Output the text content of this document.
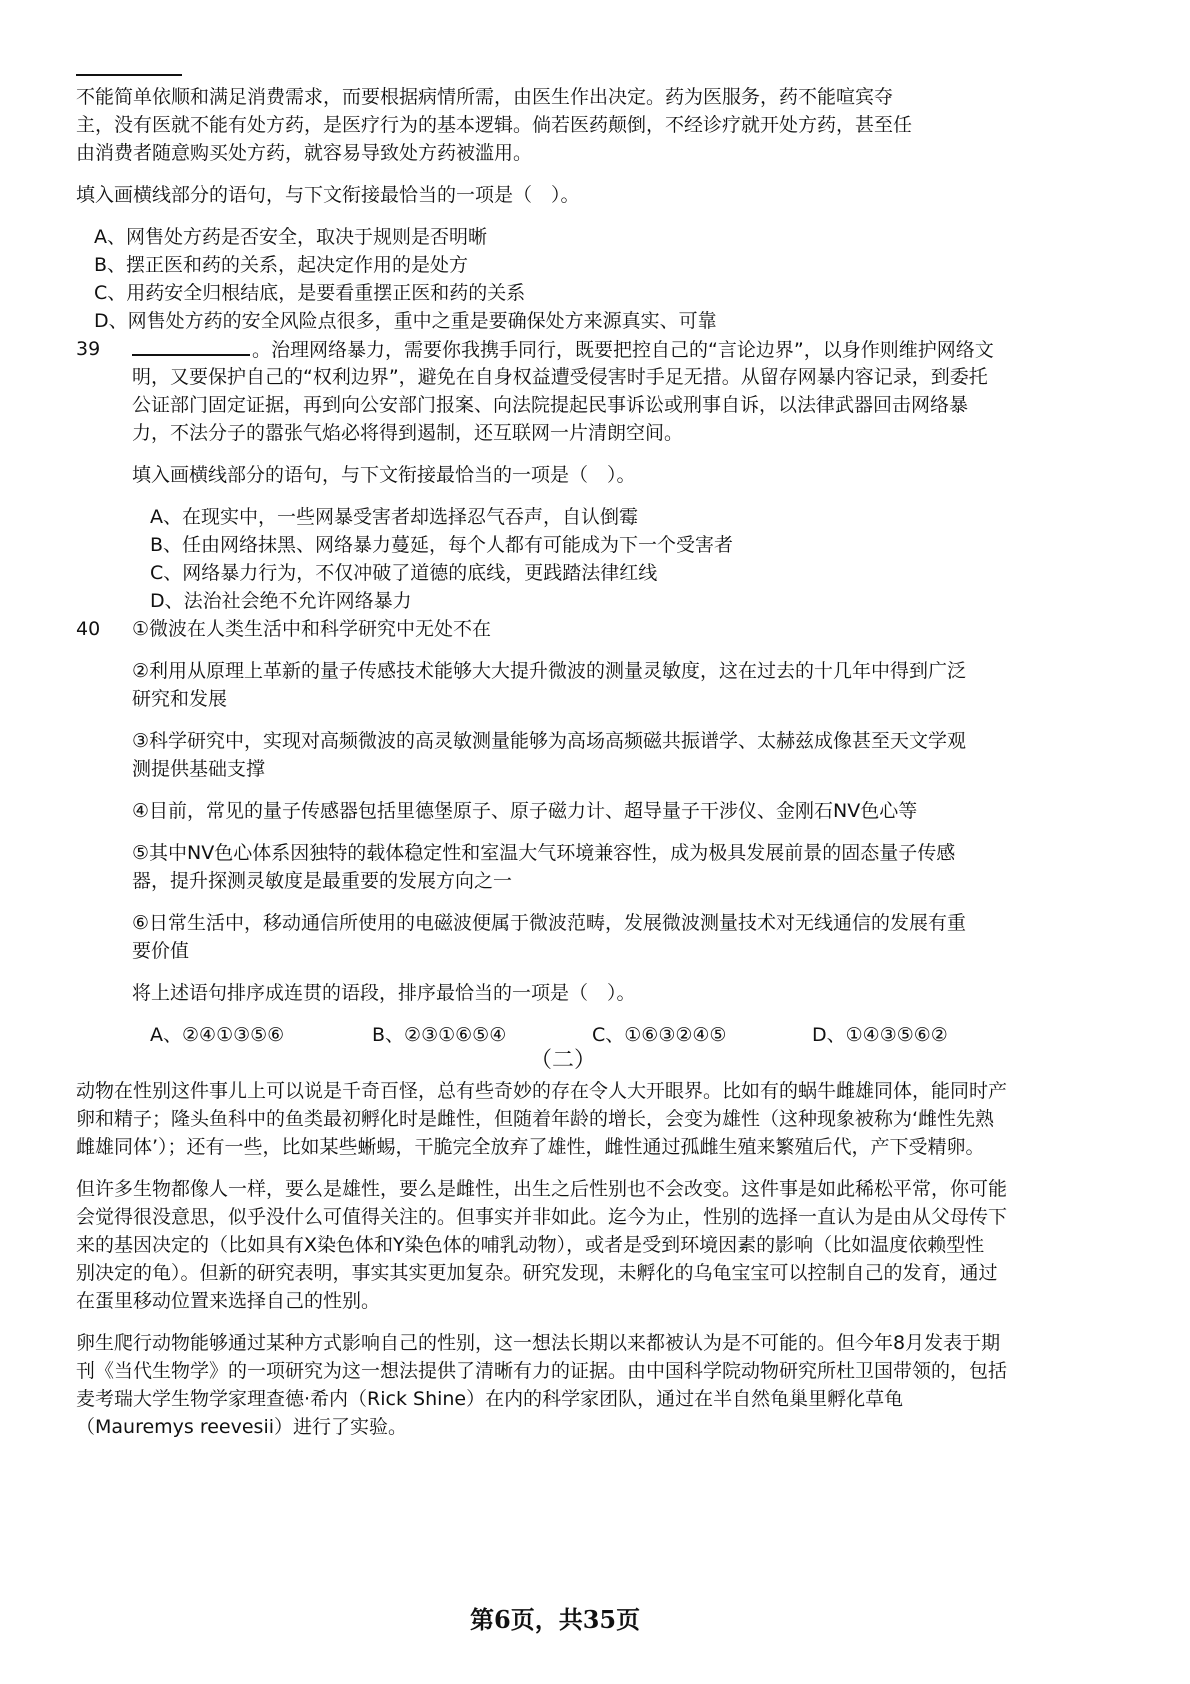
不能简单依顺和满足消费需求，而要根据病情所需，由医生作出决定。药为医服务，药不能喧宾夺
主，没有医就不能有处方药，是医疗行为的基本逻辑。倘若医药颠倒，不经诊疗就开处方药，甚至任
由消费者随意购买处方药，就容易导致处方药被滥用。
填入画横线部分的语句，与下文衔接最恰当的一项是（　）。
A、网售处方药是否安全，取决于规则是否明晰
B、摆正医和药的关系，起决定作用的是处方
C、用药安全归根结底，是要看重摆正医和药的关系
D、网售处方药的安全风险点很多，重中之重是要确保处方来源真实、可靠
39	。治理网络暴力，需要你我携手同行，既要把控自己的“言论边界”，以身作则维护网络文
明，又要保护自己的“权利边界”，避免在自身权益遭受侵害时手足无措。从留存网暴内容记录，到委托
公证部门固定证据，再到向公安部门报案、向法院提起民事诉讼或刑事自诉，以法律武器回击网络暴
力，不法分子的嚣张气焰必将得到遏制，还互联网一片清朗空间。
填入画横线部分的语句，与下文衔接最恰当的一项是（　）。
A、在现实中，一些网暴受害者却选择忍气吞声，自认倒霉
B、任由网络抹黑、网络暴力蔓延，每个人都有可能成为下一个受害者
C、网络暴力行为，不仅冲破了道德的底线，更践踏法律红线
D、法治社会绝不允许网络暴力
40 ①微波在人类生活中和科学研究中无处不在
②利用从原理上革新的量子传感技术能够大大提升微波的测量灵敏度，这在过去的十几年中得到广泛
研究和发展
③科学研究中，实现对高频微波的高灵敏测量能够为高场高频磁共振谱学、太赫兹成像甚至天文学观
测提供基础支撑
④目前，常见的量子传感器包括里德堡原子、原子磁力计、超导量子干涉仪、金刚石NV色心等
⑤其中NV色心体系因独特的载体稳定性和室温大气环境兼容性，成为极具发展前景的固态量子传感
器，提升探测灵敏度是最重要的发展方向之一
⑥日常生活中，移动通信所使用的电磁波便属于微波范畴，发展微波测量技术对无线通信的发展有重
要价值
将上述语句排序成连贯的语段，排序最恰当的一项是（　）。
A、②④①③⑤⑥	B、②③①⑥⑤④	C、①⑥③②④⑤	D、①④③⑤⑥②
（二）
动物在性别这件事儿上可以说是千奇百怪，总有些奇妙的存在令人大开眼界。比如有的蜗牛雌雄同体，能同时产
卵和精子；隆头鱼科中的鱼类最初孵化时是雌性，但随着年龄的增长，会变为雄性（这种现象被称为‘雌性先熟
雌雄同体’）；还有一些，比如某些蜥蜴，干脆完全放弃了雄性，雌性通过孤雌生殖来繁殖后代，产下受精卵。
但许多生物都像人一样，要么是雄性，要么是雌性，出生之后性别也不会改变。这件事是如此稀松平常，你可能
会觉得很没意思，似乎没什么可值得关注的。但事实并非如此。迄今为止，性别的选择一直认为是由从父母传下
来的基因决定的（比如具有X染色体和Y染色体的哺乳动物），或者是受到环境因素的影响（比如温度依赖型性
别决定的龟）。但新的研究表明，事实其实更加复杂。研究发现，未孵化的乌龟宝宝可以控制自己的发育，通过
在蛋里移动位置来选择自己的性别。
卵生爬行动物能够通过某种方式影响自己的性别，这一想法长期以来都被认为是不可能的。但今年8月发表于期
刊《当代生物学》的一项研究为这一想法提供了清晰有力的证据。由中国科学院动物研究所杜卫国带领的，包括
麦考瑞大学生物学家理查德·希内（Rick Shine）在内的科学家团队，通过在半自然龟巢里孵化草龟
（Mauremys reevesii）进行了实验。
第6页，共35页
